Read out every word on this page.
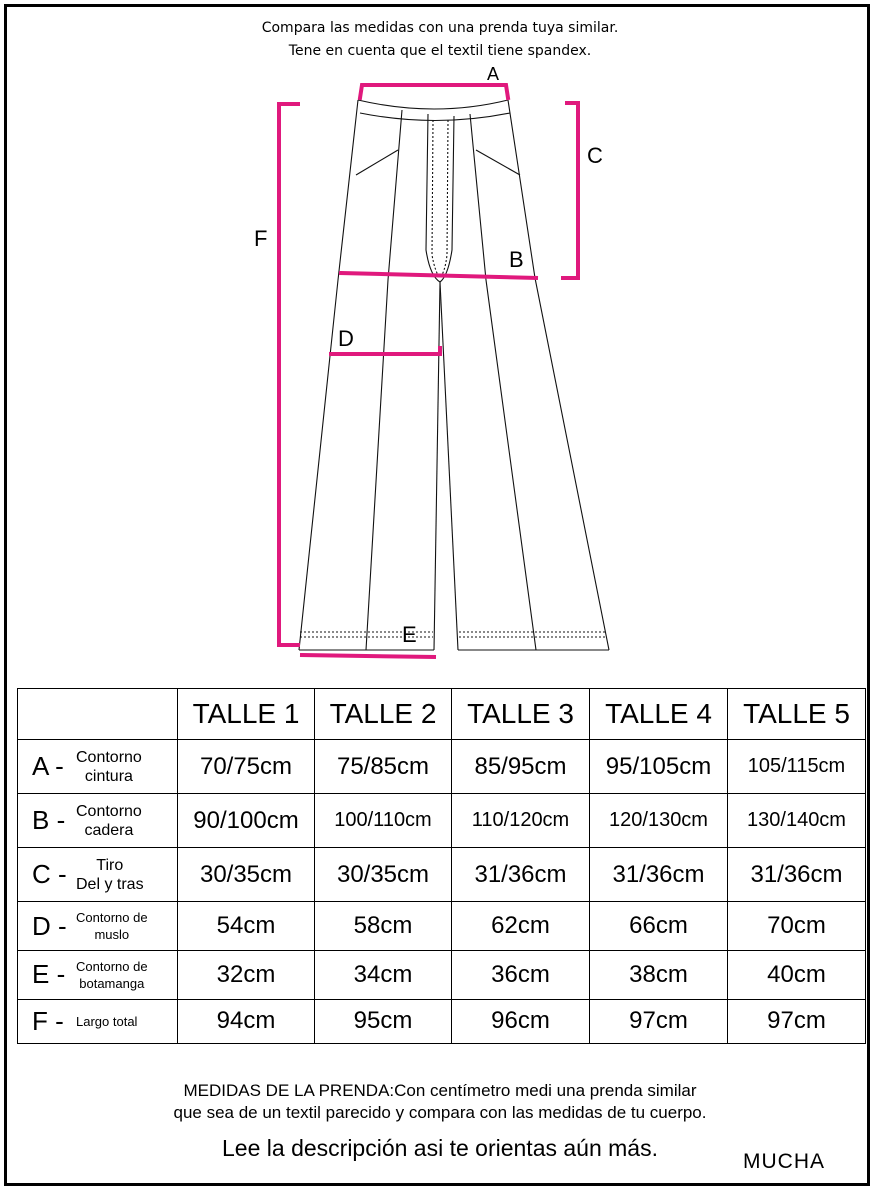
Compara las medidas con una prenda tuya similar.
Tene en cuenta que el textil tiene spandex.
A
B
C
D
E
F
	TALLE 1	TALLE 2	TALLE 3	TALLE 4	TALLE 5
A - Contorno
cintura	70/75cm	75/85cm	85/95cm	95/105cm	105/115cm
B - Contorno
cadera	90/100cm	100/110cm	110/120cm	120/130cm	130/140cm
C - Tiro
Del y tras	30/35cm	30/35cm	31/36cm	31/36cm	31/36cm
D - Contorno de
muslo	54cm	58cm	62cm	66cm	70cm
E - Contorno de
botamanga	32cm	34cm	36cm	38cm	40cm
F - Largo total	94cm	95cm	96cm	97cm	97cm
MEDIDAS DE LA PRENDA:Con centímetro medi una prenda similar
que sea de un textil parecido y compara con las medidas de tu cuerpo.
Lee la descripción asi te orientas aún más.
MUCHA
